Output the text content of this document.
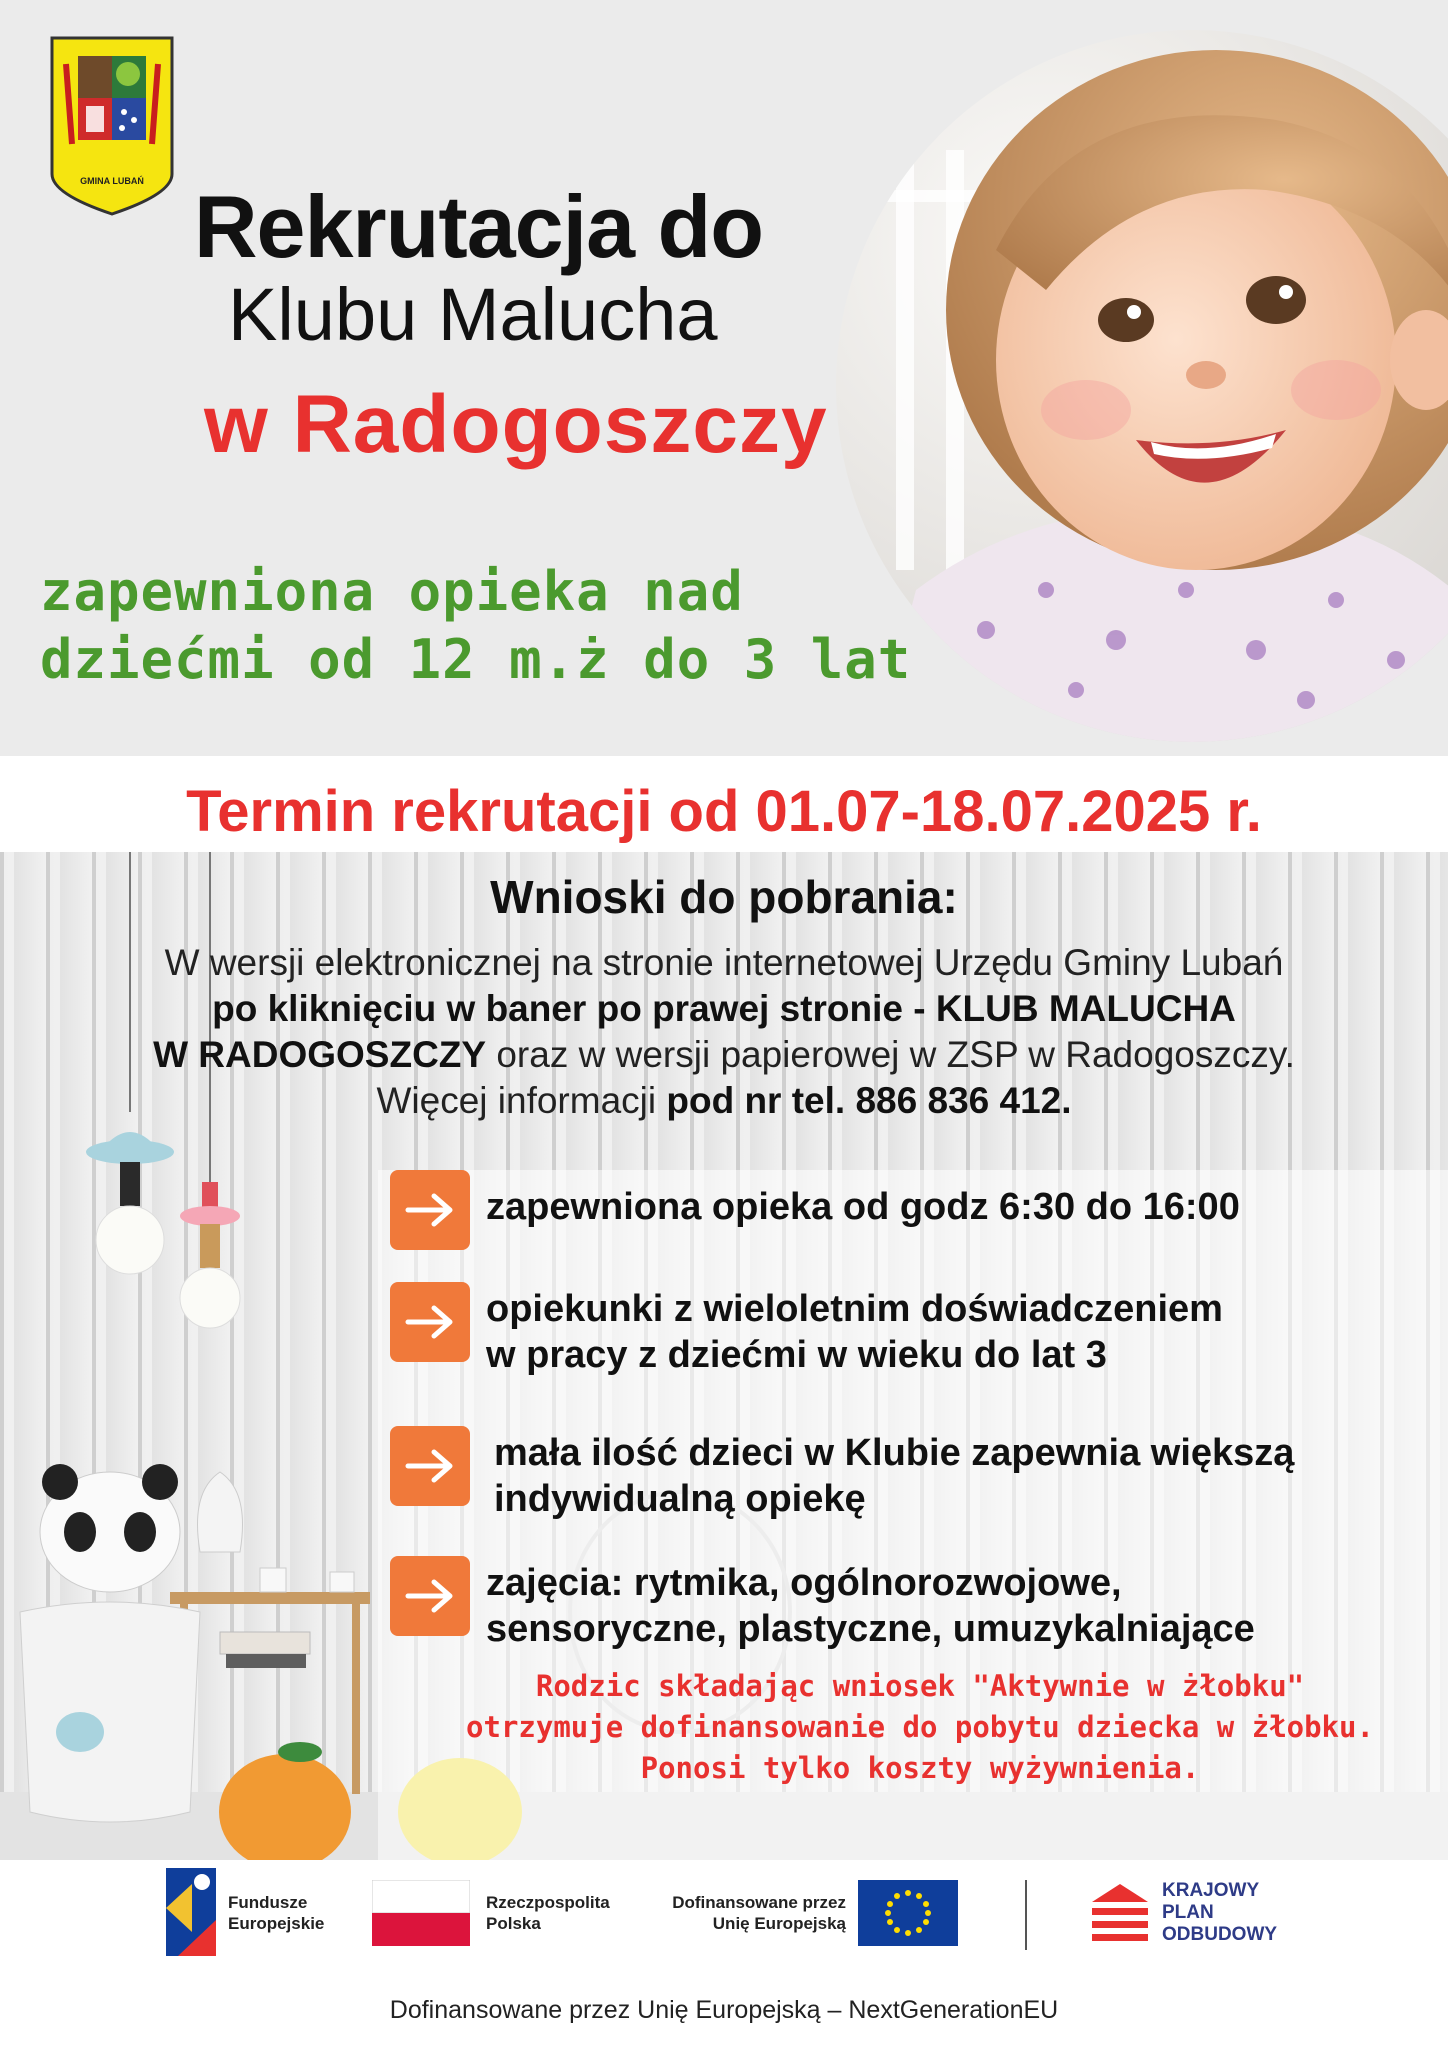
GMINA LUBAŃ Rekrutacja do
Klubu Malucha
w Radogoszczy
zapewniona opieka nad
dziećmi od 12 m.ż do 3 lat
Termin rekrutacji od 01.07-18.07.2025 r.
Wnioski do pobrania:
W wersji elektronicznej na stronie internetowej Urzędu Gminy Lubań
po kliknięciu w baner po prawej stronie - KLUB MALUCHA
W RADOGOSZCZY oraz w wersji papierowej w ZSP w Radogoszczy.
Więcej informacji pod nr tel. 886 836 412.
zapewniona opieka od godz 6:30 do 16:00
opiekunki z wieloletnim doświadczeniem
w pracy z dziećmi w wieku do lat 3
mała ilość dzieci w Klubie zapewnia większą
indywidualną opiekę
zajęcia: rytmika, ogólnorozwojowe,
sensoryczne, plastyczne, umuzykalniające
Rodzic składając wniosek "Aktywnie w żłobku"
otrzymuje dofinansowanie do pobytu dziecka w żłobku.
Ponosi tylko koszty wyżywnienia.
Fundusze
Europejskie
Rzeczpospolita
Polska
Dofinansowane przez
Unię Europejską
KRAJOWY
PLAN
ODBUDOWY
Dofinansowane przez Unię Europejską – NextGenerationEU
